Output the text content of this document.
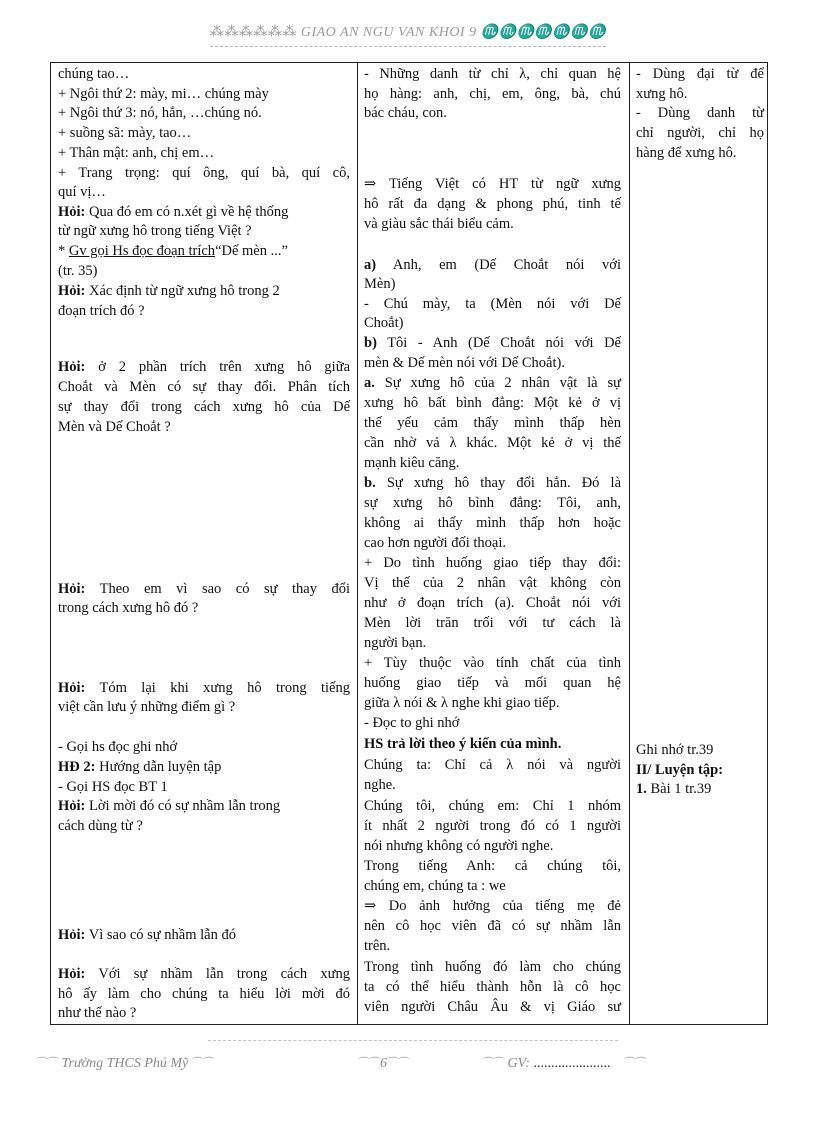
⁂⁂⁂⁂⁂⁂ GIAO AN NGU VAN KHOI 9 ♏♏♏♏♏♏♏
chúng tao…
+ Ngôi thứ 2: mày, mi… chúng mày
+ Ngôi thứ 3: nó, hắn, …chúng nó.
+ suồng sã: mày, tao…
+ Thân mật: anh, chị em…
+ Trang trọng: quí ông, quí bà, quí cô,
quí vị…
Hỏi: Qua đó em có n.xét gì về hệ thống
từ ngữ xưng hô trong tiếng Việt ?
* Gv gọi Hs đọc đoạn trích“Dế mèn ...”
(tr. 35)
Hỏi: Xác định từ ngữ xưng hô trong 2
đoạn trích đó ?
Hỏi: ở 2 phần trích trên xưng hô giữa
Choắt và Mèn có sự thay đổi. Phân tích
sự thay đổi trong cách xưng hô của Dế
Mèn và Dế Choắt ?
Hỏi: Theo em vì sao có sự thay đổi
trong cách xưng hô đó ?
Hỏi: Tóm lại khi xưng hô trong tiếng
việt cần lưu ý những điểm gì ?
- Gọi hs đọc ghi nhớ
HĐ 2: Hướng dẫn luyện tập
- Gọi HS đọc BT 1
Hỏi: Lời mời đó có sự nhầm lẫn trong
cách dùng từ ?
Hỏi: Vì sao có sự nhầm lẫn đó
Hỏi: Với sự nhầm lẫn trong cách xưng
hô ấy làm cho chúng ta hiểu lời mời đó
như thế nào ?
- Những danh từ chỉ λ, chỉ quan hệ
họ hàng: anh, chị, em, ông, bà, chú
bác cháu, con.
⇒ Tiếng Việt có HT từ ngữ xưng
hô rất đa dạng & phong phú, tinh tế
và giàu sắc thái biểu cảm.
a) Anh, em (Dế Choắt nói với
Mèn)
- Chú mày, ta (Mèn nói với Dế
Choắt)
b) Tôi - Anh (Dế Choắt nói với Dế
mèn & Dế mèn nói với Dế Choắt).
a. Sự xưng hô của 2 nhân vật là sự
xưng hô bất bình đẳng: Một kẻ ở vị
thế yếu cảm thấy mình thấp hèn
cần nhờ vả λ khác. Một kẻ ở vị thế
mạnh kiêu căng.
b. Sự xưng hô thay đổi hẳn. Đó là
sự xưng hô bình đẳng: Tôi, anh,
không ai thấy mình thấp hơn hoặc
cao hơn người đối thoại.
+ Do tình huống giao tiếp thay đổi:
Vị thế của 2 nhân vật không còn
như ở đoạn trích (a). Choắt nói với
Mèn lời trăn trối với tư cách là
người bạn.
+ Tùy thuộc vào tính chất của tình
huống giao tiếp và mối quan hệ
giữa λ nói & λ nghe khi giao tiếp.
- Đọc to ghi nhớ
HS trả lời theo ý kiến của mình.
Chúng ta: Chỉ cả λ nói và người
nghe.
Chúng tôi, chúng em: Chỉ 1 nhóm
ít nhất 2 người trong đó có 1 người
nói nhưng không có người nghe.
Trong tiếng Anh: cả chúng tôi,
chúng em, chúng ta : we
⇒ Do ảnh hưởng của tiếng mẹ đẻ
nên cô học viên đã có sự nhầm lẫn
trên.
Trong tình huống đó làm cho chúng
ta có thể hiểu thành hỗn là cô học
viên người Châu Âu & vị Giáo sư
- Dùng đại từ để
xưng hô.
- Dùng danh từ
chỉ người, chỉ họ
hàng để xưng hô.
Ghi nhớ tr.39
II/ Luyện tập:
1. Bài 1 tr.39
⌒⌒ Trường THCS Phú Mỹ ⌒⌒	⌒⌒6⌒⌒	⌒⌒ GV: ...................... ⌒⌒
